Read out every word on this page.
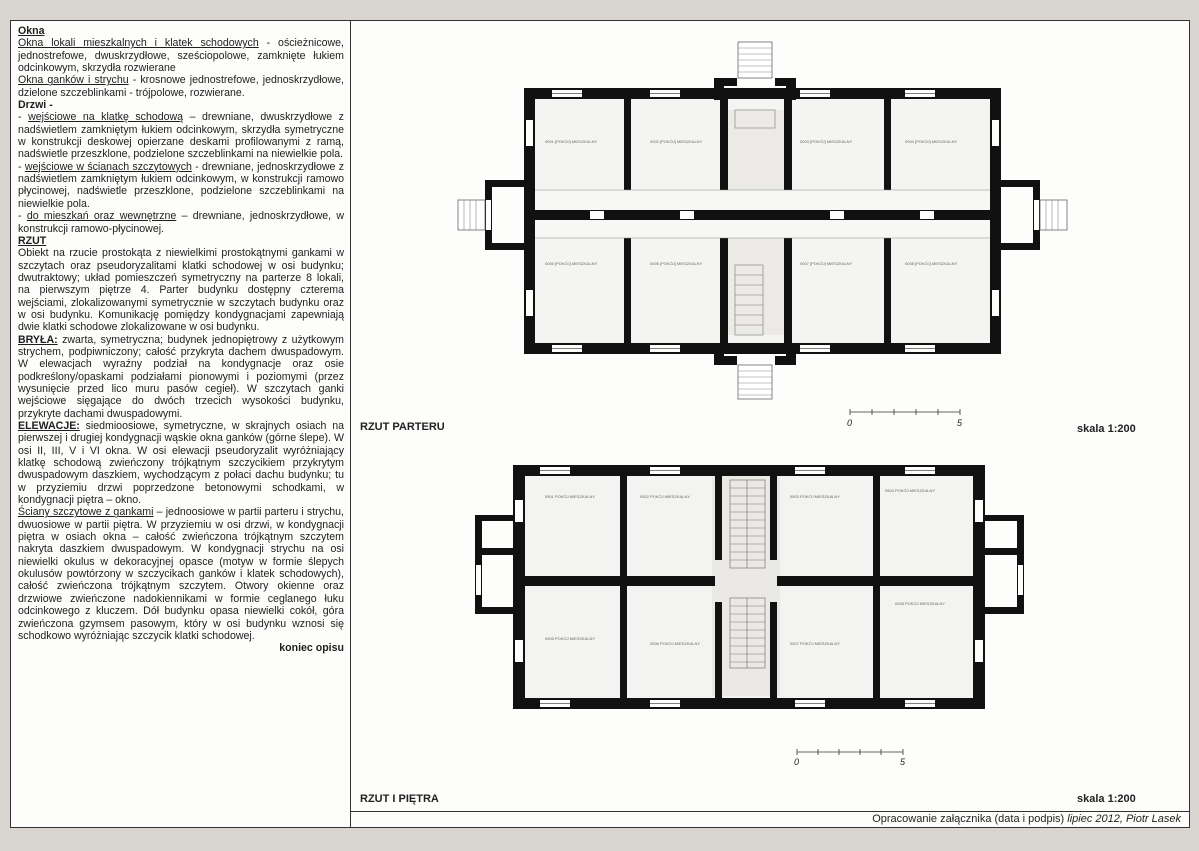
Okna

Okna lokali mieszkalnych i klatek schodowych - ościeżnicowe, jednostrefowe, dwuskrzydłowe, sześciopolowe, zamknięte łukiem odcinkowym, skrzydła rozwierane

Okna ganków i strychu - krosnowe jednostrefowe, jednoskrzydłowe, dzielone szczeblinkami - trójpolowe, rozwierane.

Drzwi -

- wejściowe na klatkę schodową – drewniane, dwuskrzydłowe z nadświetlem zamkniętym łukiem odcinkowym, skrzydła symetryczne w konstrukcji deskowej opierzane deskami profilowanymi z ramą, nadświetle przeszklone, podzielone szczeblinkami na niewielkie pola.

- wejściowe w ścianach szczytowych - drewniane, jednoskrzydłowe z nadświetlem zamkniętym łukiem odcinkowym, w konstrukcji ramowo płycinowej, nadświetle przeszklone, podzielone szczeblinkami na niewielkie pola.

- do mieszkań oraz wewnętrzne – drewniane, jednoskrzydłowe, w konstrukcji ramowo-płycinowej.

RZUT

Obiekt na rzucie prostokąta z niewielkimi prostokątnymi gankami w szczytach oraz pseudoryzalitami klatki schodowej w osi budynku; dwutraktowy; układ pomieszczeń symetryczny na parterze 8 lokali, na pierwszym piętrze 4. Parter budynku dostępny czterema wejściami, zlokalizowanymi symetrycznie w szczytach budynku oraz w osi budynku. Komunikację pomiędzy kondygnacjami zapewniają dwie klatki schodowe zlokalizowane w osi budynku.

BRYŁA: zwarta, symetryczna; budynek jednopiętrowy z użytkowym strychem, podpiwniczony; całość przykryta dachem dwuspadowym. W elewacjach wyraźny podział na kondygnacje oraz osie podkreślony/opaskami podziałami pionowymi i poziomymi (przez wysunięcie przed lico muru pasów cegieł). W szczytach ganki wejściowe sięgające do dwóch trzecich wysokości budynku, przykryte dachami dwuspadowymi.

ELEWACJE: siedmioosiowe, symetryczne, w skrajnych osiach na pierwszej i drugiej kondygnacji wąskie okna ganków (górne ślepe). W osi II, III, V i VI okna. W osi elewacji pseudoryzalit wyróżniający klatkę schodową zwieńczony trójkątnym szczycikiem przykrytym dwuspadowym daszkiem, wychodzącym z połaci dachu budynku; tu w przyziemiu drzwi poprzedzone betonowymi schodkami, w kondygnacji piętra – okno.

Ściany szczytowe z gankami – jednoosiowe w partii parteru i strychu, dwuosiowe w partii piętra. W przyziemiu w osi drzwi, w kondygnacji piętra w osiach okna – całość zwieńczona trójkątnym szczytem nakryta daszkiem dwuspadowym. W kondygnacji strychu na osi niewielki okulus w dekoracyjnej opasce (motyw w formie ślepych okulusów powtórzony w szczycikach ganków i klatek schodowych), całość zwieńczona trójkątnym szczytem. Otwory okienne oraz drzwiowe zwieńczone nadokiennikami w formie ceglanego łuku odcinkowego z kluczem. Dół budynku opasa niewielki cokół, góra zwieńczona gzymsem pasowym, który w osi budynku wznosi się schodkowo wyróżniając szczycik klatki schodowej.

koniec opisu

Opracowanie załącznika (data i podpis) lipiec 2012, Piotr Lasek
0001 [POKÓJ] MIESZKALNY	0002 [POKÓJ] MIESZKALNY	0003 [POKÓJ] MIESZKALNY	0004 [POKÓJ] MIESZKALNY
0005 [POKÓJ] MIESZKALNY	0006 [POKÓJ] MIESZKALNY	0007 [POKÓJ] MIESZKALNY	0008 [POKÓJ] MIESZKALNY
0501 POKÓJ MIESZKALNY	0502 POKÓJ MIESZKALNY	0503 POKÓJ MIESZKALNY
0504 POKÓJ MIESZKALNY
0505 POKÓJ MIESZKALNY
0506 POKÓJ MIESZKALNY	0507 POKÓJ MIESZKALNY
0508 POKÓJ MIESZKALNY
RZUT PARTERU	skala 1:200
RZUT I PIĘTRA	skala 1:200
0	5
0	5
